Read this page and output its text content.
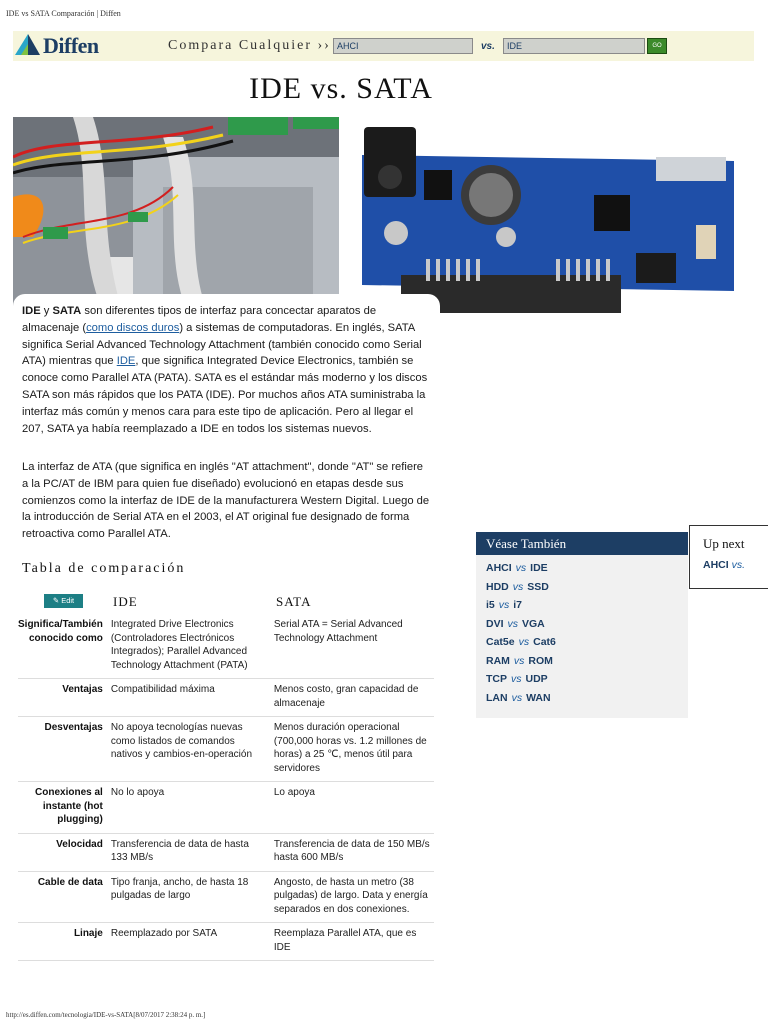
IDE vs SATA Comparación | Diffen
http://es.diffen.com/tecnologia/IDE-vs-SATA[8/07/2017 2:38:24 p. m.]
Diffen	Compara Cualquier ›› AHCI	vs.	IDE	GO
IDE vs. SATA
IDE y SATA son diferentes tipos de interfaz para concectar aparatos de almacenaje (como discos duros) a sistemas de computadoras. En inglés, SATA significa Serial Advanced Technology Attachment (también conocido como Serial ATA) mientras que IDE, que significa Integrated Device Electronics, también se conoce como Parallel ATA (PATA). SATA es el estándar más moderno y los discos SATA son más rápidos que los PATA (IDE). Por muchos años ATA suministraba la interfaz más común y menos cara para este tipo de aplicación. Pero al llegar el 207, SATA ya había reemplazado a IDE en todos los sistemas nuevos.
La interfaz de ATA (que significa en inglés "AT attachment", donde "AT" se refiere a la PC/AT de IBM para quien fue diseñado) evolucionó en etapas desde sus comienzos como la interfaz de IDE de la manufacturera Western Digital. Luego de la introducción de Serial ATA en el 2003, el AT original fue designado de forma retroactiva como Parallel ATA.
Tabla de comparación
✎ Edit	IDE	SATA
Significa/También conocido como	Integrated Drive Electronics (Controladores Electrónicos Integrados); Parallel Advanced Technology Attachment (PATA)	Serial ATA = Serial Advanced Technology Attachment
Ventajas	Compatibilidad máxima	Menos costo, gran capacidad de almacenaje
Desventajas	No apoya tecnologías nuevas como listados de comandos nativos y cambios-en-operación	Menos duración operacional (700,000 horas vs. 1.2 millones de horas) a 25 ℃, menos útil para servidores
Conexiones al instante (hot plugging)	No lo apoya	Lo apoya
Velocidad	Transferencia de data de hasta 133 MB/s	Transferencia de data de 150 MB/s hasta 600 MB/s
Cable de data	Tipo franja, ancho, de hasta 18 pulgadas de largo	Angosto, de hasta un metro (38 pulgadas) de largo. Data y energía separados en dos conexiones.
Linaje	Reemplazado por SATA	Reemplaza Parallel ATA, que es IDE
Véase También
AHCI vs IDE
HDD vs SSD
i5 vs i7
DVI vs VGA
Cat5e vs Cat6
RAM vs ROM
TCP vs UDP
LAN vs WAN
Up next
AHCI vs.
